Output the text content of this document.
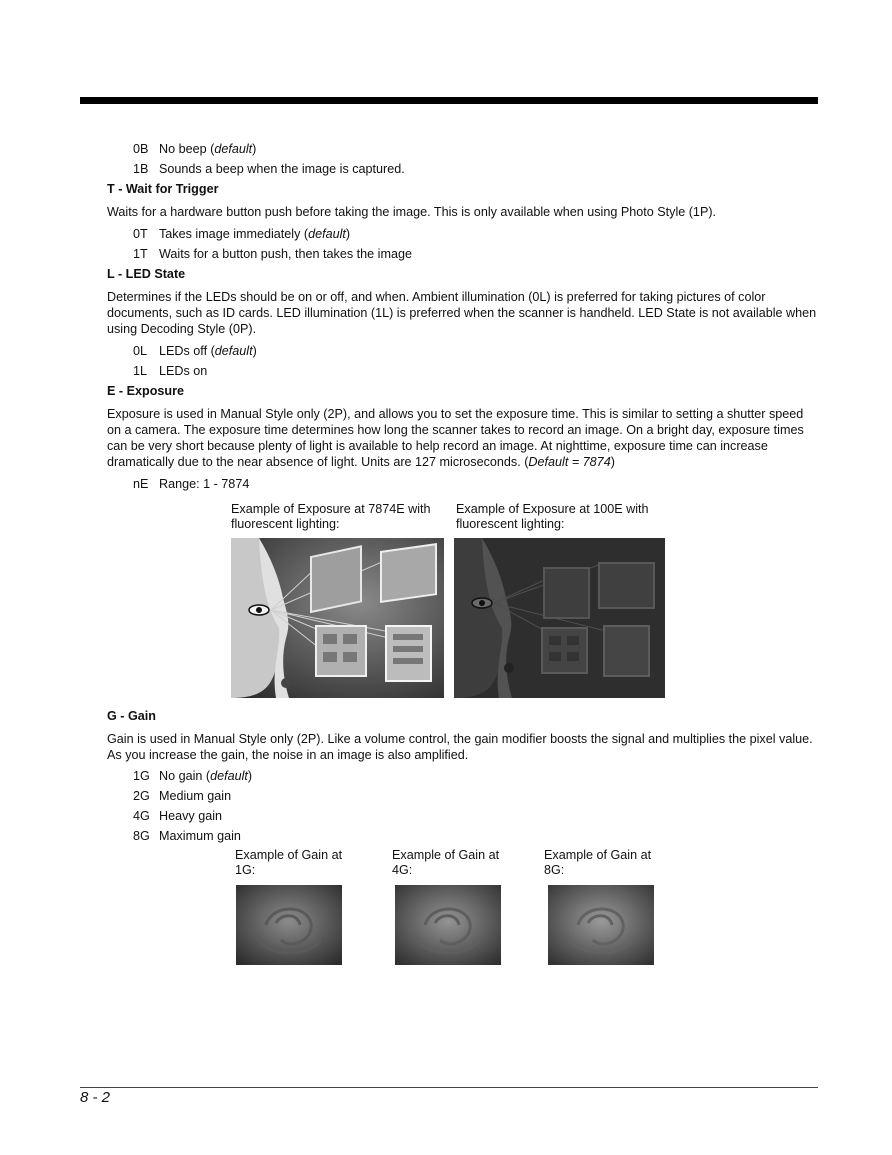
0B No beep (default)
1B Sounds a beep when the image is captured.
T - Wait for Trigger
Waits for a hardware button push before taking the image. This is only available when using Photo Style (1P).
0T Takes image immediately (default)
1T Waits for a button push, then takes the image
L - LED State
Determines if the LEDs should be on or off, and when. Ambient illumination (0L) is preferred for taking pictures of color documents, such as ID cards. LED illumination (1L) is preferred when the scanner is handheld. LED State is not available when using Decoding Style (0P).
0L LEDs off (default)
1L LEDs on
E - Exposure
Exposure is used in Manual Style only (2P), and allows you to set the exposure time. This is similar to setting a shutter speed on a camera. The exposure time determines how long the scanner takes to record an image. On a bright day, exposure times can be very short because plenty of light is available to help record an image. At nighttime, exposure time can increase dramatically due to the near absence of light. Units are 127 microseconds. (Default = 7874)
nE Range: 1 - 7874
Example of Exposure at 7874E with
fluorescent lighting:
Example of Exposure at 100E with
fluorescent lighting:
G - Gain
Gain is used in Manual Style only (2P). Like a volume control, the gain modifier boosts the signal and multiplies the pixel value. As you increase the gain, the noise in an image is also amplified.
1G No gain (default)
2G Medium gain
4G Heavy gain
8G Maximum gain
Example of Gain at
1G:
Example of Gain at
4G:
Example of Gain at
8G:
8 - 2
